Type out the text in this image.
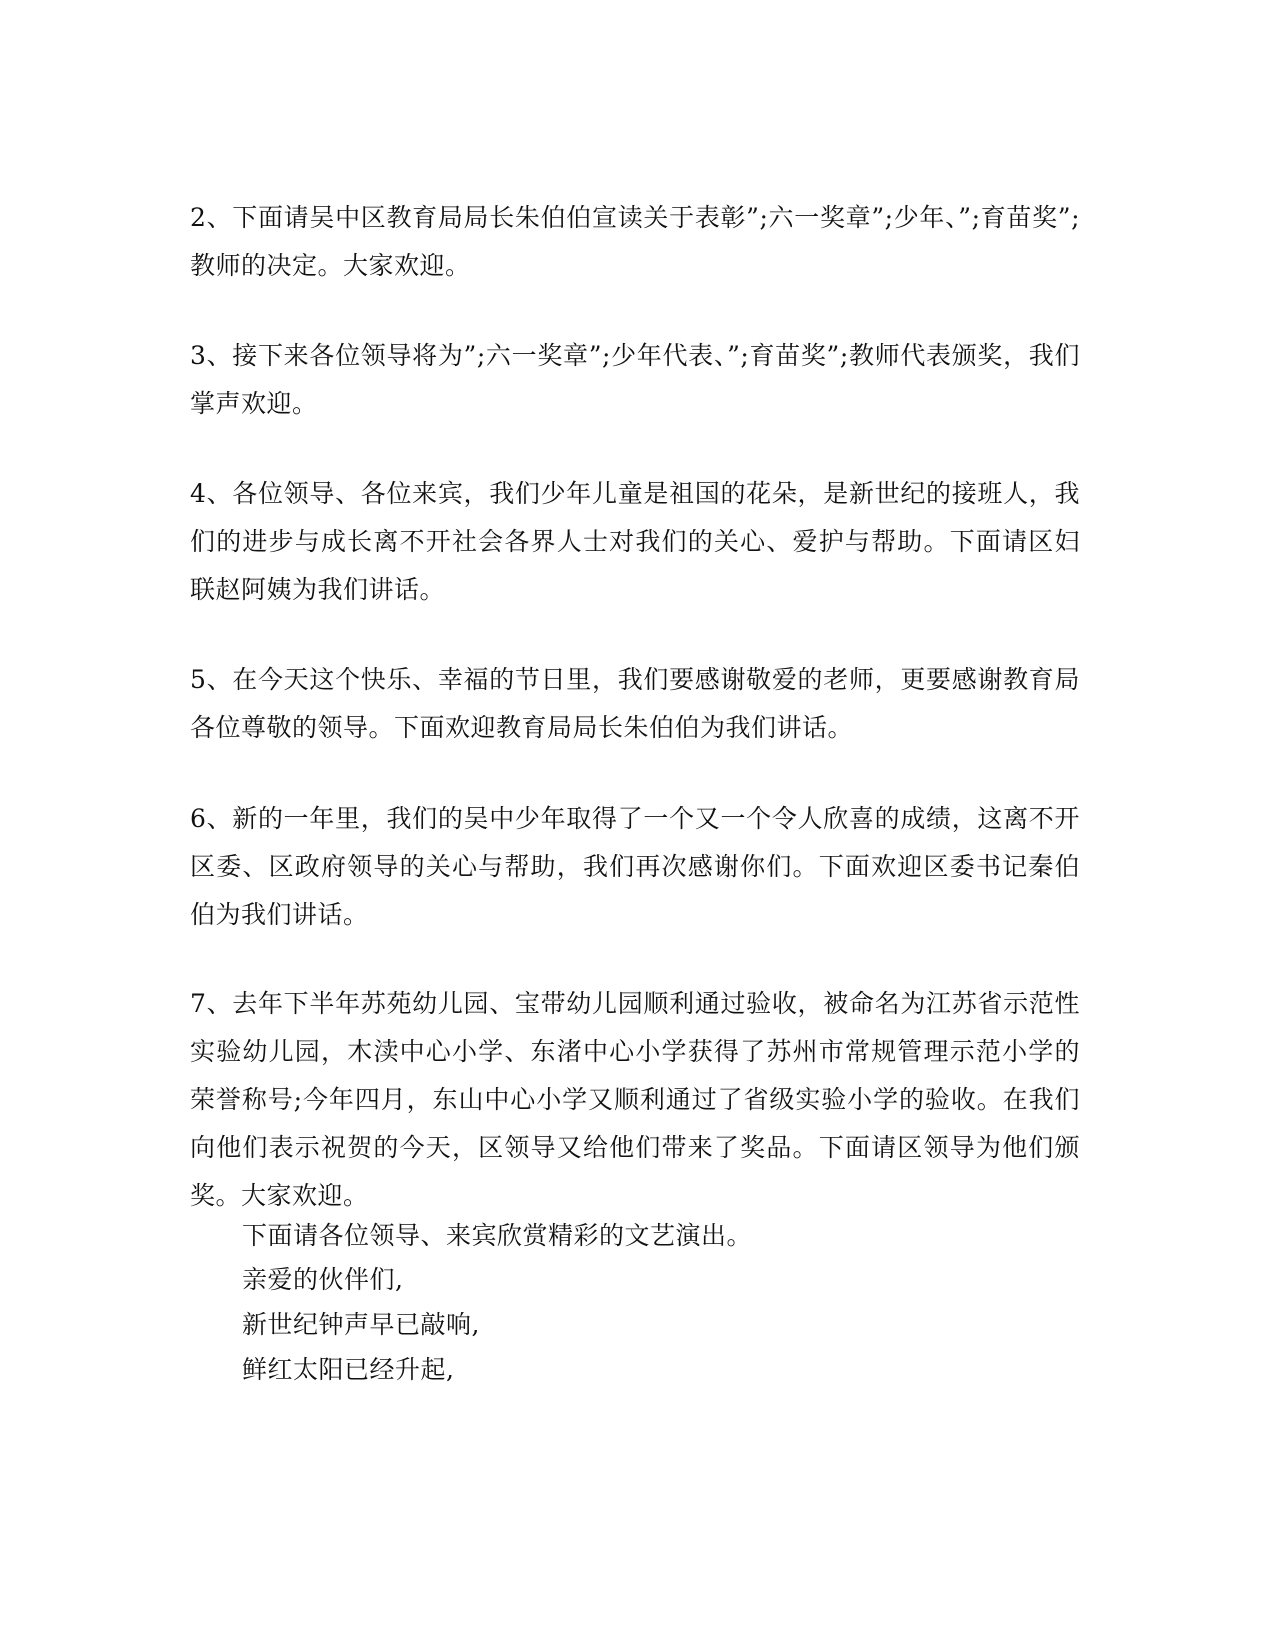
2、下面请吴中区教育局局长朱伯伯宣读关于表彰”;六一奖章”;少年、”;育苗奖”;教师的决定。大家欢迎。

3、接下来各位领导将为”;六一奖章”;少年代表、”;育苗奖”;教师代表颁奖，我们掌声欢迎。

4、各位领导、各位来宾，我们少年儿童是祖国的花朵，是新世纪的接班人，我们的进步与成长离不开社会各界人士对我们的关心、爱护与帮助。下面请区妇联赵阿姨为我们讲话。

5、在今天这个快乐、幸福的节日里，我们要感谢敬爱的老师，更要感谢教育局各位尊敬的领导。下面欢迎教育局局长朱伯伯为我们讲话。

6、新的一年里，我们的吴中少年取得了一个又一个令人欣喜的成绩，这离不开区委、区政府领导的关心与帮助，我们再次感谢你们。下面欢迎区委书记秦伯伯为我们讲话。

7、去年下半年苏苑幼儿园、宝带幼儿园顺利通过验收，被命名为江苏省示范性实验幼儿园，木渎中心小学、东渚中心小学获得了苏州市常规管理示范小学的荣誉称号;今年四月，东山中心小学又顺利通过了省级实验小学的验收。在我们向他们表示祝贺的今天，区领导又给他们带来了奖品。下面请区领导为他们颁奖。大家欢迎。

下面请各位领导、来宾欣赏精彩的文艺演出。

亲爱的伙伴们,

新世纪钟声早已敲响,

鲜红太阳已经升起,
